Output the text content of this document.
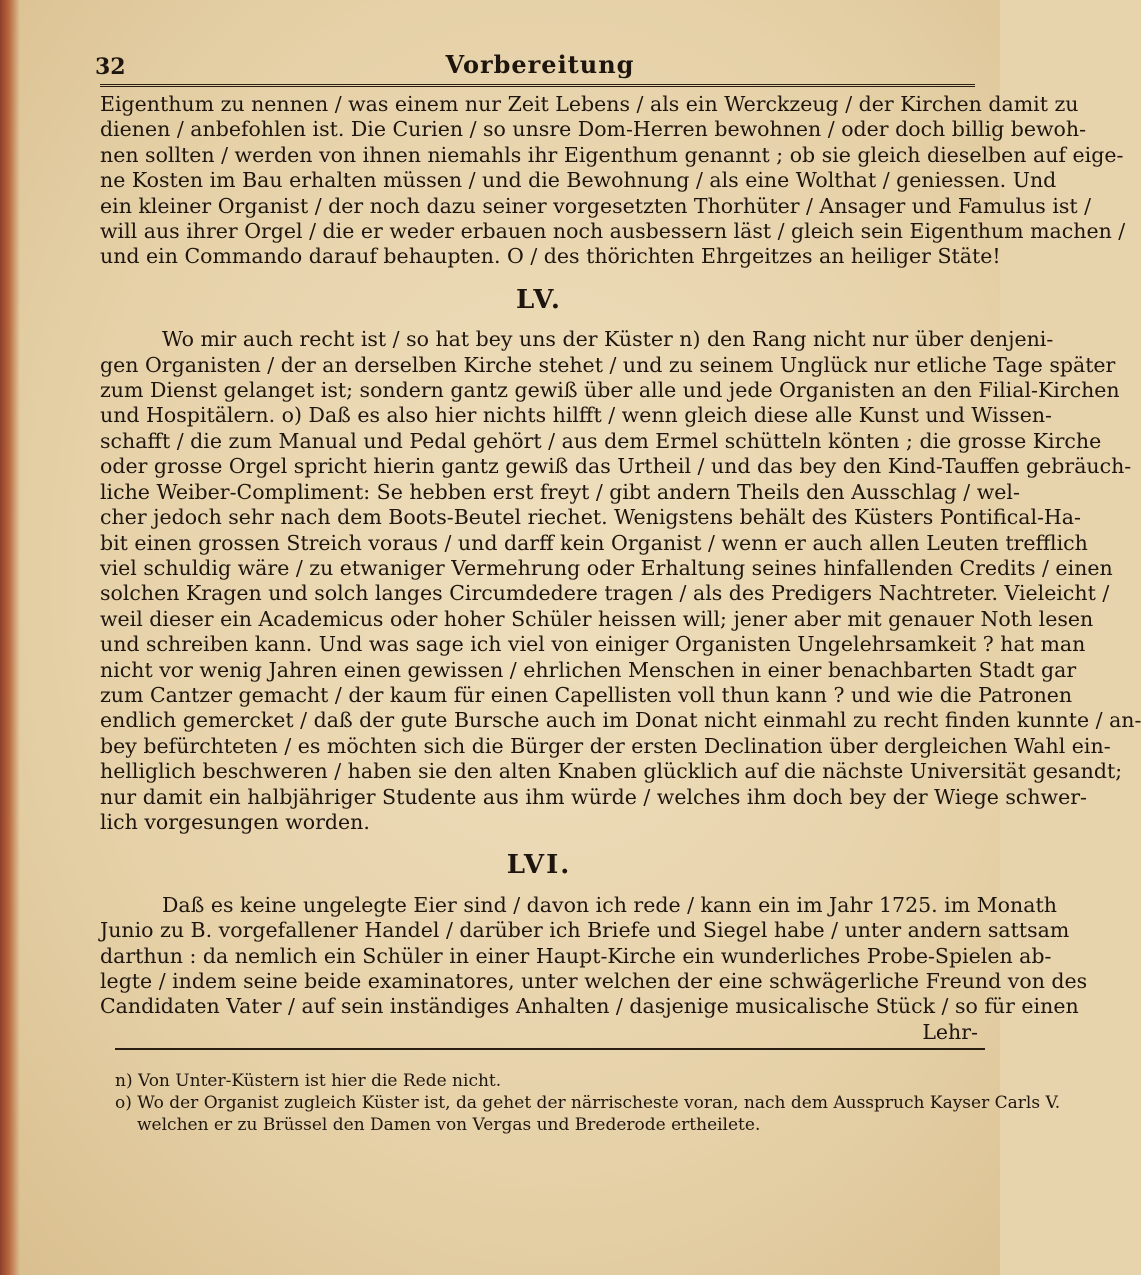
32	Vorbereitung
Eigenthum zu nennen / was einem nur Zeit Lebens / als ein Werckzeug / der Kirchen damit zu
dienen / anbefohlen ist. Die Curien / so unsre Dom-Herren bewohnen / oder doch billig bewoh-
nen sollten / werden von ihnen niemahls ihr Eigenthum genannt ; ob sie gleich dieselben auf eige-
ne Kosten im Bau erhalten müssen / und die Bewohnung / als eine Wolthat / geniessen. Und
ein kleiner Organist / der noch dazu seiner vorgesetzten Thorhüter / Ansager und Famulus ist /
will aus ihrer Orgel / die er weder erbauen noch ausbessern läst / gleich sein Eigenthum machen /
und ein Commando darauf behaupten. O / des thörichten Ehrgeitzes an heiliger Stäte!
LV.
Wo mir auch recht ist / so hat bey uns der Küster n) den Rang nicht nur über denjeni-
gen Organisten / der an derselben Kirche stehet / und zu seinem Unglück nur etliche Tage später
zum Dienst gelanget ist; sondern gantz gewiß über alle und jede Organisten an den Filial-Kirchen
und Hospitälern. o) Daß es also hier nichts hilfft / wenn gleich diese alle Kunst und Wissen-
schafft / die zum Manual und Pedal gehört / aus dem Ermel schütteln könten ; die grosse Kirche
oder grosse Orgel spricht hierin gantz gewiß das Urtheil / und das bey den Kind-Tauffen gebräuch-
liche Weiber-Compliment: Se hebben erst freyt / gibt andern Theils den Ausschlag / wel-
cher jedoch sehr nach dem Boots-Beutel riechet. Wenigstens behält des Küsters Pontifical-Ha-
bit einen grossen Streich voraus / und darff kein Organist / wenn er auch allen Leuten trefflich
viel schuldig wäre / zu etwaniger Vermehrung oder Erhaltung seines hinfallenden Credits / einen
solchen Kragen und solch langes Circumdedere tragen / als des Predigers Nachtreter. Vieleicht /
weil dieser ein Academicus oder hoher Schüler heissen will; jener aber mit genauer Noth lesen
und schreiben kann. Und was sage ich viel von einiger Organisten Ungelehrsamkeit ? hat man
nicht vor wenig Jahren einen gewissen / ehrlichen Menschen in einer benachbarten Stadt gar
zum Cantzer gemacht / der kaum für einen Capellisten voll thun kann ? und wie die Patronen
endlich gemercket / daß der gute Bursche auch im Donat nicht einmahl zu recht finden kunnte / an-
bey befürchteten / es möchten sich die Bürger der ersten Declination über dergleichen Wahl ein-
helliglich beschweren / haben sie den alten Knaben glücklich auf die nächste Universität gesandt;
nur damit ein halbjähriger Studente aus ihm würde / welches ihm doch bey der Wiege schwer-
lich vorgesungen worden.
LVI.
Daß es keine ungelegte Eier sind / davon ich rede / kann ein im Jahr 1725. im Monath
Junio zu B. vorgefallener Handel / darüber ich Briefe und Siegel habe / unter andern sattsam
darthun : da nemlich ein Schüler in einer Haupt-Kirche ein wunderliches Probe-Spielen ab-
legte / indem seine beide examinatores, unter welchen der eine schwägerliche Freund von des
Candidaten Vater / auf sein inständiges Anhalten / dasjenige musicalische Stück / so für einen
Lehr-
n) Von Unter-Küstern ist hier die Rede nicht.
o) Wo der Organist zugleich Küster ist, da gehet der närrischeste voran, nach dem Ausspruch Kayser Carls V.
welchen er zu Brüssel den Damen von Vergas und Brederode ertheilete.
